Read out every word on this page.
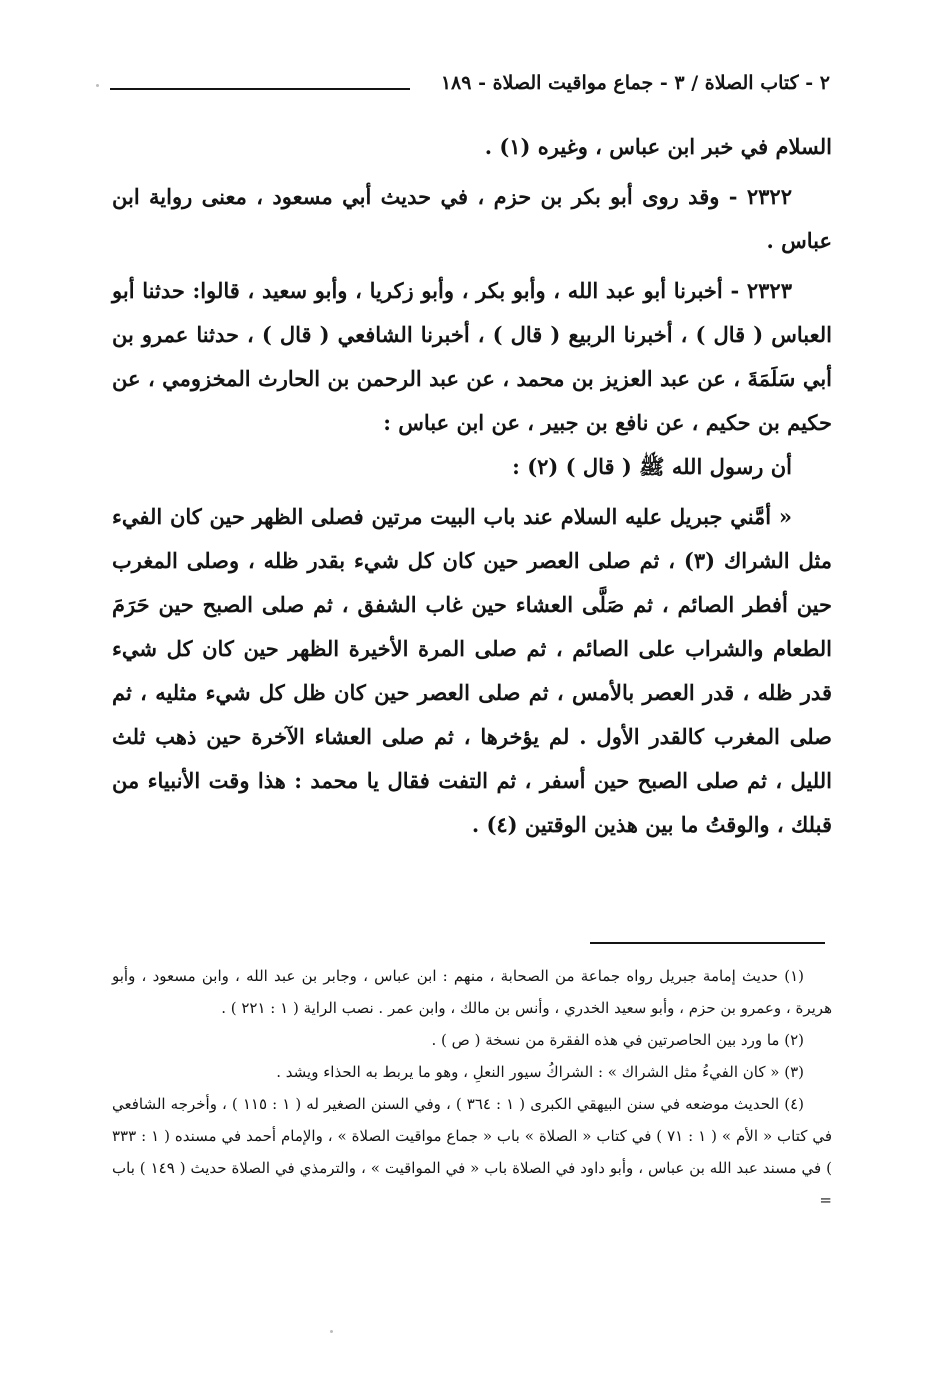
٢ - كتاب الصلاة / ٣ - جماع مواقيت الصلاة - ١٨٩

السلام في خبر ابن عباس ، وغيره (١) .

٢٣٢٢ - وقد روى أبو بكر بن حزم ، في حديث أبي مسعود ، معنى رواية ابن عباس .

٢٣٢٣ - أخبرنا أبو عبد الله ، وأبو بكر ، وأبو زكريا ، وأبو سعيد ، قالوا: حدثنا أبو العباس ( قال ) ، أخبرنا الربيع ( قال ) ، أخبرنا الشافعي ( قال ) ، حدثنا عمرو بن أبي سَلَمَةَ ، عن عبد العزيز بن محمد ، عن عبد الرحمن بن الحارث المخزومي ، عن حكيم بن حكيم ، عن نافع بن جبير ، عن ابن عباس :

أن رسول الله ﷺ ( قال ) (٢) :

« أمَّني جبريل عليه السلام عند باب البيت مرتين فصلى الظهر حين كان الفيء مثل الشراك (٣) ، ثم صلى العصر حين كان كل شيء بقدر ظله ، وصلى المغرب حين أفطر الصائم ، ثم صَلَّى العشاء حين غاب الشفق ، ثم صلى الصبح حين حَرَمَ الطعام والشراب على الصائم ، ثم صلى المرة الأخيرة الظهر حين كان كل شيء قدر ظله ، قدر العصر بالأمس ، ثم صلى العصر حين كان ظل كل شيء مثليه ، ثم صلى المغرب كالقدر الأول . لم يؤخرها ، ثم صلى العشاء الآخرة حين ذهب ثلث الليل ، ثم صلى الصبح حين أسفر ، ثم التفت فقال يا محمد : هذا وقت الأنبياء من قبلك ، والوقتُ ما بين هذين الوقتين (٤) .

(١) حديث إمامة جبريل رواه جماعة من الصحابة ، منهم : ابن عباس ، وجابر بن عبد الله ، وابن مسعود ، وأبو هريرة ، وعمرو بن حزم ، وأبو سعيد الخدري ، وأنس بن مالك ، وابن عمر . نصب الراية ( ١ : ٢٢١ ) .

(٢) ما ورد بين الحاصرتين في هذه الفقرة من نسخة ( ص ) .

(٣) « كان الفيءُ مثل الشراك » : الشراكُ سيور النعلِ ، وهو ما يربط به الحذاء ويشد .

(٤) الحديث موضعه في سنن البيهقي الكبرى ( ١ : ٣٦٤ ) ، وفي السنن الصغير له ( ١ : ١١٥ ) ، وأخرجه الشافعي في كتاب « الأم » ( ١ : ٧١ ) في كتاب « الصلاة » باب « جماع مواقيت الصلاة » ، والإمام أحمد في مسنده ( ١ : ٣٣٣ ) في مسند عبد الله بن عباس ، وأبو داود في الصلاة باب « في المواقيت » ، والترمذي في الصلاة حديث ( ١٤٩ ) باب =
